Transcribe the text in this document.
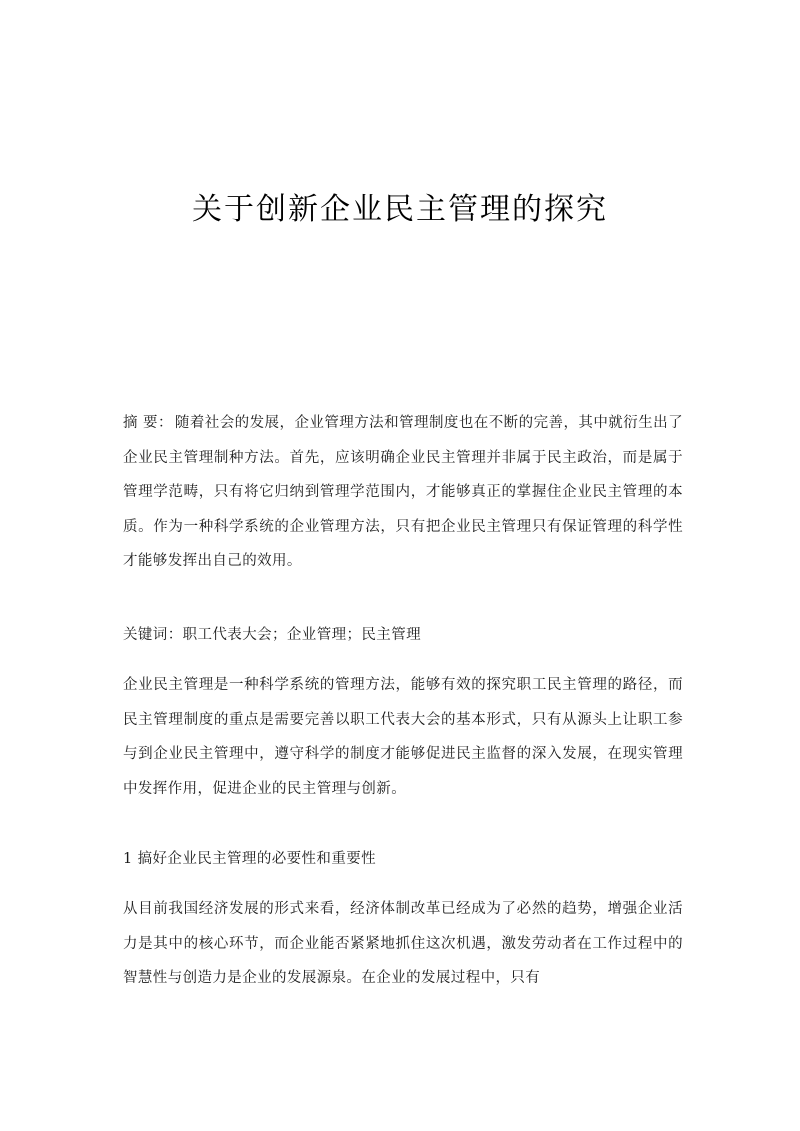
关于创新企业民主管理的探究
摘 要： 随着社会的发展，企业管理方法和管理制度也在不断的完善，其中就衍生出了企业民主管理制种方法。首先，应该明确企业民主管理并非属于民主政治，而是属于管理学范畴，只有将它归纳到管理学范围内，才能够真正的掌握住企业民主管理的本质。作为一种科学系统的企业管理方法，只有把企业民主管理只有保证管理的科学性才能够发挥出自己的效用。
关键词：职工代表大会；企业管理；民主管理
企业民主管理是一种科学系统的管理方法，能够有效的探究职工民主管理的路径，而民主管理制度的重点是需要完善以职工代表大会的基本形式，只有从源头上让职工参与到企业民主管理中，遵守科学的制度才能够促进民主监督的深入发展，在现实管理中发挥作用，促进企业的民主管理与创新。
1 搞好企业民主管理的必要性和重要性
从目前我国经济发展的形式来看，经济体制改革已经成为了必然的趋势，增强企业活力是其中的核心环节，而企业能否紧紧地抓住这次机遇，激发劳动者在工作过程中的智慧性与创造力是企业的发展源泉。在企业的发展过程中，只有
